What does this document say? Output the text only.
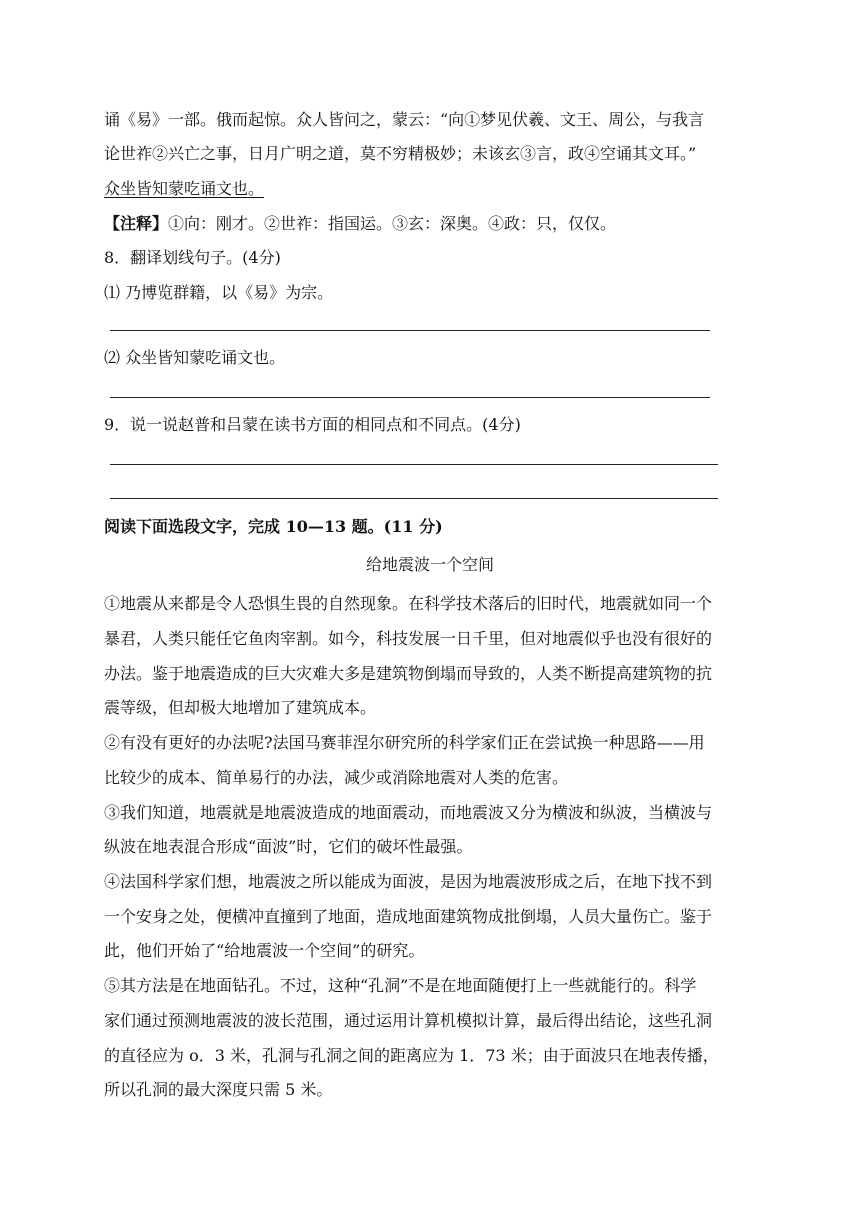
诵《易》一部。俄而起惊。众人皆问之，蒙云：“向①梦见伏羲、文王、周公，与我言
论世祚②兴亡之事，日月广明之道，莫不穷精极妙；未该玄③言，政④空诵其文耳。”
众坐皆知蒙吃诵文也。
【注释】①向：刚才。②世祚：指国运。③玄：深奥。④政：只，仅仅。
8．翻译划线句子。(4分)
⑴ 乃博览群籍，以《易》为宗。
⑵ 众坐皆知蒙吃诵文也。
9．说一说赵普和吕蒙在读书方面的相同点和不同点。(4分)
阅读下面选段文字，完成 10—13 题。(11 分)
给地震波一个空间
①地震从来都是令人恐惧生畏的自然现象。在科学技术落后的旧时代，地震就如同一个
暴君，人类只能任它鱼肉宰割。如今，科技发展一日千里，但对地震似乎也没有很好的
办法。鉴于地震造成的巨大灾难大多是建筑物倒塌而导致的，人类不断提高建筑物的抗
震等级，但却极大地增加了建筑成本。
②有没有更好的办法呢?法国马赛菲涅尔研究所的科学家们正在尝试换一种思路——用
比较少的成本、简单易行的办法，减少或消除地震对人类的危害。
③我们知道，地震就是地震波造成的地面震动，而地震波又分为横波和纵波，当横波与
纵波在地表混合形成“面波”时，它们的破坏性最强。
④法国科学家们想，地震波之所以能成为面波，是因为地震波形成之后，在地下找不到
一个安身之处，便横冲直撞到了地面，造成地面建筑物成批倒塌，人员大量伤亡。鉴于
此，他们开始了“给地震波一个空间”的研究。
⑤其方法是在地面钻孔。不过，这种“孔洞”不是在地面随便打上一些就能行的。科学
家们通过预测地震波的波长范围，通过运用计算机模拟计算，最后得出结论，这些孔洞
的直径应为 o．3 米，孔洞与孔洞之间的距离应为 1．73 米；由于面波只在地表传播，
所以孔洞的最大深度只需 5 米。
